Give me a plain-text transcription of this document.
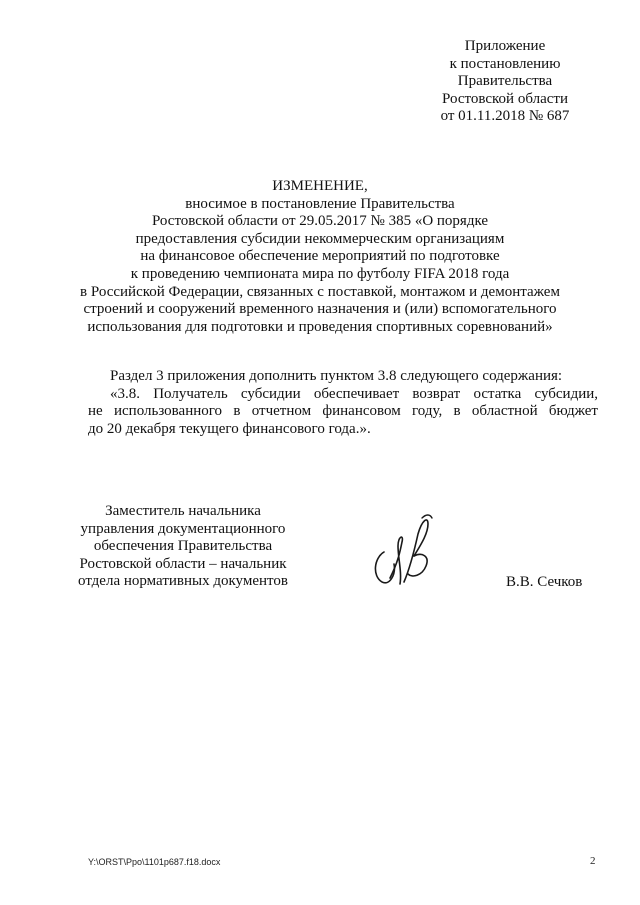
Приложение
к постановлению
Правительства
Ростовской области
от 01.11.2018 № 687
ИЗМЕНЕНИЕ,
вносимое в постановление Правительства
Ростовской области от 29.05.2017 № 385 «О порядке
предоставления субсидии некоммерческим организациям
на финансовое обеспечение мероприятий по подготовке
к проведению чемпионата мира по футболу FIFA 2018 года
в Российской Федерации, связанных с поставкой, монтажом и демонтажем
строений и сооружений временного назначения и (или) вспомогательного
использования для подготовки и проведения спортивных соревнований»
Раздел 3 приложения дополнить пунктом 3.8 следующего содержания:
«3.8. Получатель субсидии обеспечивает возврат остатка субсидии,
не использованного в отчетном финансовом году, в областной бюджет
до 20 декабря текущего финансового года.».
Заместитель начальника
управления документационного
обеспечения Правительства
Ростовской области – начальник
отдела нормативных документов	В.В. Сечков
Y:\ORST\Ppo\1101p687.f18.docx	2
